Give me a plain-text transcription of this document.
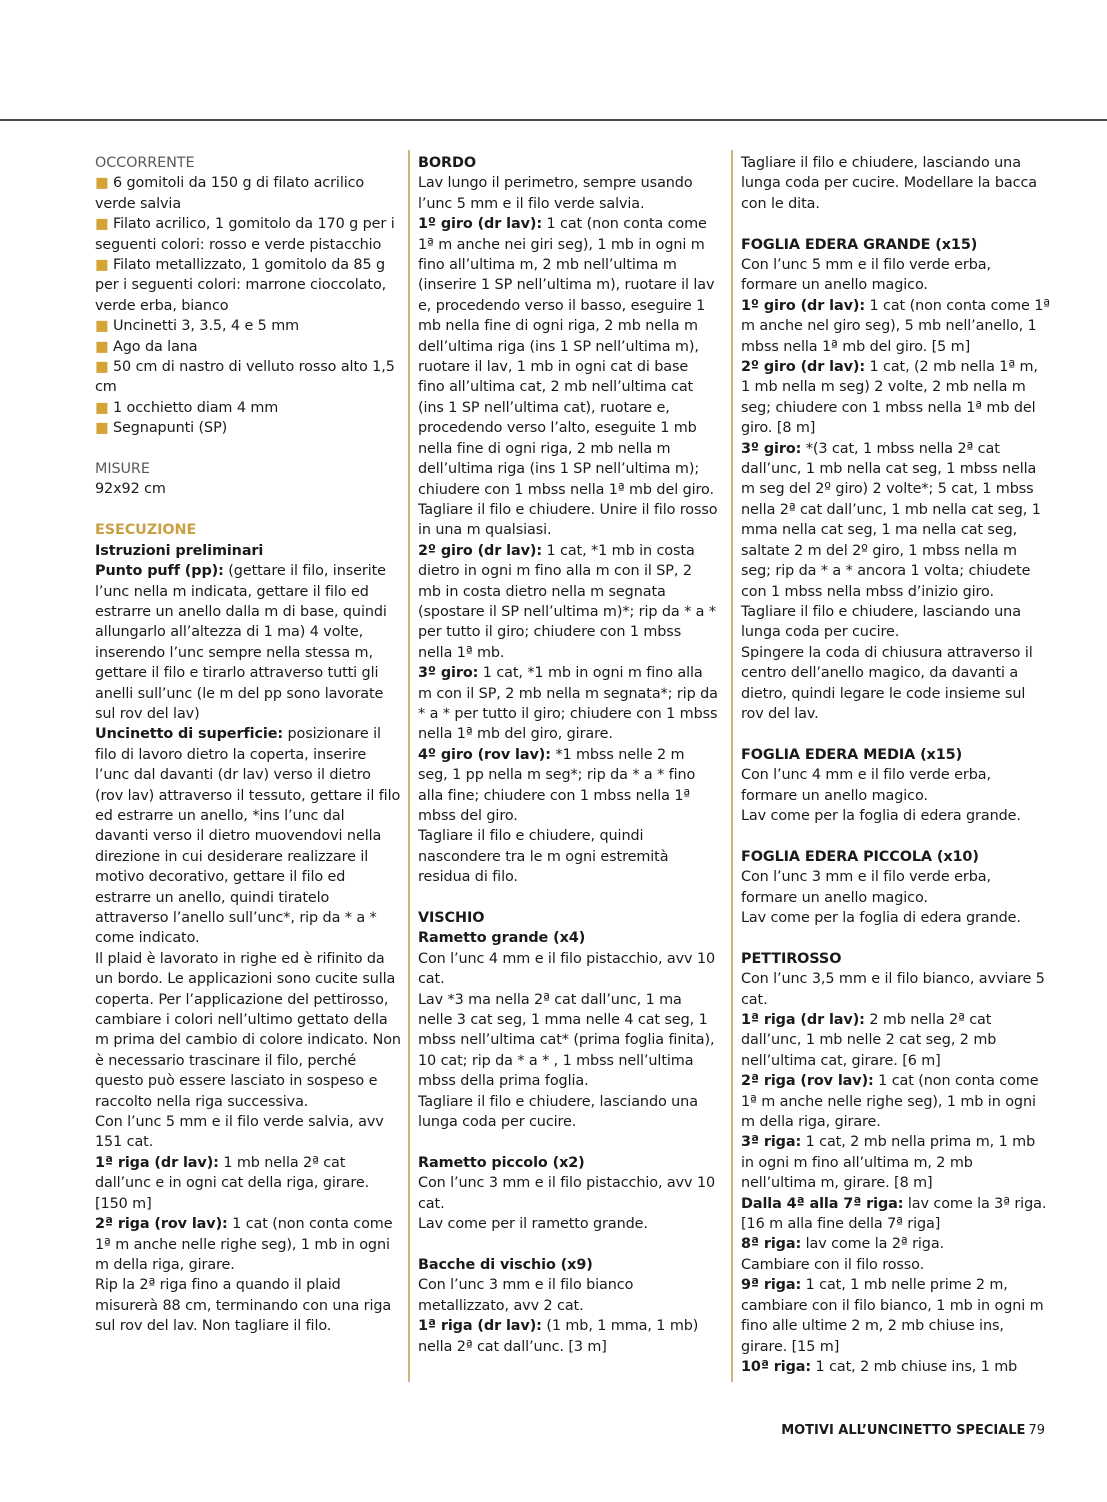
OCCORRENTE

■ 6 gomitoli da 150 g di filato acrilico verde salvia

■ Filato acrilico, 1 gomitolo da 170 g per i seguenti colori: rosso e verde pistacchio

■ Filato metallizzato, 1 gomitolo da 85 g per i seguenti colori: marrone cioccolato, verde erba, bianco

■ Uncinetti 3, 3.5, 4 e 5 mm

■ Ago da lana

■ 50 cm di nastro di velluto rosso alto 1,5 cm

■ 1 occhietto diam 4 mm

■ Segnapunti (SP)

MISURE

92x92 cm

ESECUZIONE

Istruzioni preliminari

Punto puff (pp): (gettare il filo, inserite l’unc nella m indicata, gettare il filo ed estrarre un anello dalla m di base, quindi allungarlo all’altezza di 1 ma) 4 volte, inserendo l’unc sempre nella stessa m, gettare il filo e tirarlo attraverso tutti gli anelli sull’unc (le m del pp sono lavorate sul rov del lav)

Uncinetto di superficie: posizionare il filo di lavoro dietro la coperta, inserire l’unc dal davanti (dr lav) verso il dietro (rov lav) attraverso il tessuto, gettare il filo ed estrarre un anello, *ins l’unc dal davanti verso il dietro muovendovi nella direzione in cui desiderare realizzare il motivo decorativo, gettare il filo ed estrarre un anello, quindi tiratelo attraverso l’anello sull’unc*, rip da * a * come indicato.

Il plaid è lavorato in righe ed è rifinito da un bordo. Le applicazioni sono cucite sulla coperta. Per l’applicazione del pettirosso, cambiare i colori nell’ultimo gettato della m prima del cambio di colore indicato. Non è necessario trascinare il filo, perché questo può essere lasciato in sospeso e raccolto nella riga successiva.

Con l’unc 5 mm e il filo verde salvia, avv 151 cat.

1ª riga (dr lav): 1 mb nella 2ª cat dall’unc e in ogni cat della riga, girare. [150 m]

2ª riga (rov lav): 1 cat (non conta come 1ª m anche nelle righe seg), 1 mb in ogni m della riga, girare.

Rip la 2ª riga fino a quando il plaid misurerà 88 cm, terminando con una riga sul rov del lav. Non tagliare il filo.

BORDO

Lav lungo il perimetro, sempre usando l’unc 5 mm e il filo verde salvia.

1º giro (dr lav): 1 cat (non conta come 1ª m anche nei giri seg), 1 mb in ogni m fino all’ultima m, 2 mb nell’ultima m (inserire 1 SP nell’ultima m), ruotare il lav e, procedendo verso il basso, eseguire 1 mb nella fine di ogni riga, 2 mb nella m dell’ultima riga (ins 1 SP nell’ultima m), ruotare il lav, 1 mb in ogni cat di base fino all’ultima cat, 2 mb nell’ultima cat (ins 1 SP nell’ultima cat), ruotare e, procedendo verso l’alto, eseguite 1 mb nella fine di ogni riga, 2 mb nella m dell’ultima riga (ins 1 SP nell’ultima m); chiudere con 1 mbss nella 1ª mb del giro.

Tagliare il filo e chiudere. Unire il filo rosso in una m qualsiasi.

2º giro (dr lav): 1 cat, *1 mb in costa dietro in ogni m fino alla m con il SP, 2 mb in costa dietro nella m segnata (spostare il SP nell’ultima m)*; rip da * a * per tutto il giro; chiudere con 1 mbss nella 1ª mb.

3º giro: 1 cat, *1 mb in ogni m fino alla m con il SP, 2 mb nella m segnata*; rip da * a * per tutto il giro; chiudere con 1 mbss nella 1ª mb del giro, girare.

4º giro (rov lav): *1 mbss nelle 2 m seg, 1 pp nella m seg*; rip da * a * fino alla fine; chiudere con 1 mbss nella 1ª mbss del giro.

Tagliare il filo e chiudere, quindi nascondere tra le m ogni estremità residua di filo.

VISCHIO

Rametto grande (x4)

Con l’unc 4 mm e il filo pistacchio, avv 10 cat.

Lav *3 ma nella 2ª cat dall’unc, 1 ma nelle 3 cat seg, 1 mma nelle 4 cat seg, 1 mbss nell’ultima cat* (prima foglia finita), 10 cat; rip da * a * , 1 mbss nell’ultima mbss della prima foglia.

Tagliare il filo e chiudere, lasciando una lunga coda per cucire.

Rametto piccolo (x2)

Con l’unc 3 mm e il filo pistacchio, avv 10 cat.

Lav come per il rametto grande.

Bacche di vischio (x9)

Con l’unc 3 mm e il filo bianco metallizzato, avv 2 cat.

1ª riga (dr lav): (1 mb, 1 mma, 1 mb) nella 2ª cat dall’unc. [3 m]

Tagliare il filo e chiudere, lasciando una lunga coda per cucire. Modellare la bacca con le dita.

FOGLIA EDERA GRANDE (x15)

Con l’unc 5 mm e il filo verde erba, formare un anello magico.

1º giro (dr lav): 1 cat (non conta come 1ª m anche nel giro seg), 5 mb nell’anello, 1 mbss nella 1ª mb del giro. [5 m]

2º giro (dr lav): 1 cat, (2 mb nella 1ª m, 1 mb nella m seg) 2 volte, 2 mb nella m seg; chiudere con 1 mbss nella 1ª mb del giro. [8 m]

3º giro: *(3 cat, 1 mbss nella 2ª cat dall’unc, 1 mb nella cat seg, 1 mbss nella m seg del 2º giro) 2 volte*; 5 cat, 1 mbss nella 2ª cat dall’unc, 1 mb nella cat seg, 1 mma nella cat seg, 1 ma nella cat seg, saltate 2 m del 2º giro, 1 mbss nella m seg; rip da * a * ancora 1 volta; chiudete con 1 mbss nella mbss d’inizio giro.

Tagliare il filo e chiudere, lasciando una lunga coda per cucire.

Spingere la coda di chiusura attraverso il centro dell’anello magico, da davanti a dietro, quindi legare le code insieme sul rov del lav.

FOGLIA EDERA MEDIA (x15)

Con l’unc 4 mm e il filo verde erba, formare un anello magico.

Lav come per la foglia di edera grande.

FOGLIA EDERA PICCOLA (x10)

Con l’unc 3 mm e il filo verde erba, formare un anello magico.

Lav come per la foglia di edera grande.

PETTIROSSO

Con l’unc 3,5 mm e il filo bianco, avviare 5 cat.

1ª riga (dr lav): 2 mb nella 2ª cat dall’unc, 1 mb nelle 2 cat seg, 2 mb nell’ultima cat, girare. [6 m]

2ª riga (rov lav): 1 cat (non conta come 1ª m anche nelle righe seg), 1 mb in ogni m della riga, girare.

3ª riga: 1 cat, 2 mb nella prima m, 1 mb in ogni m fino all’ultima m, 2 mb nell’ultima m, girare. [8 m]

Dalla 4ª alla 7ª riga: lav come la 3ª riga. [16 m alla fine della 7ª riga]

8ª riga: lav come la 2ª riga.

Cambiare con il filo rosso.

9ª riga: 1 cat, 1 mb nelle prime 2 m, cambiare con il filo bianco, 1 mb in ogni m fino alle ultime 2 m, 2 mb chiuse ins, girare. [15 m]

10ª riga: 1 cat, 2 mb chiuse ins, 1 mb

MOTIVI ALL’UNCINETTO SPECIALE 79
